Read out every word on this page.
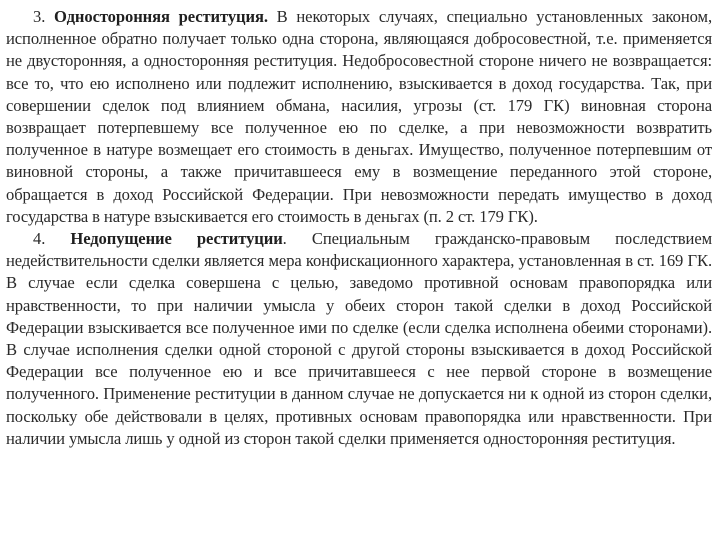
3. Односторонняя реституция. В некоторых случаях, специально установленных законом, исполненное обратно получает только одна сторона, являющаяся добросовестной, т.е. применяется не двусторонняя, а односторонняя реституция. Недобросовестной стороне ничего не возвращается: все то, что ею исполнено или подлежит исполнению, взыскивается в доход государства. Так, при совершении сделок под влиянием обмана, насилия, угрозы (ст. 179 ГК) виновная сторона возвращает потерпевшему все полученное ею по сделке, а при невозможности возвратить полученное в натуре возмещает его стоимость в деньгах. Имущество, полученное потерпевшим от виновной стороны, а также причитавшееся ему в возмещение переданного этой стороне, обращается в доход Российской Федерации. При невозможности передать имущество в доход государства в натуре взыскивается его стоимость в деньгах (п. 2 ст. 179 ГК).

4. Недопущение реституции. Специальным гражданско-правовым последствием недействительности сделки является мера конфискационного характера, установленная в ст. 169 ГК. В случае если сделка совершена с целью, заведомо противной основам правопорядка или нравственности, то при наличии умысла у обеих сторон такой сделки в доход Российской Федерации взыскивается все полученное ими по сделке (если сделка исполнена обеими сторонами). В случае исполнения сделки одной стороной с другой стороны взыскивается в доход Российской Федерации все полученное ею и все причитавшееся с нее первой стороне в возмещение полученного. Применение реституции в данном случае не допускается ни к одной из сторон сделки, поскольку обе действовали в целях, противных основам правопорядка или нравственности. При наличии умысла лишь у одной из сторон такой сделки применяется односторонняя реституция.
